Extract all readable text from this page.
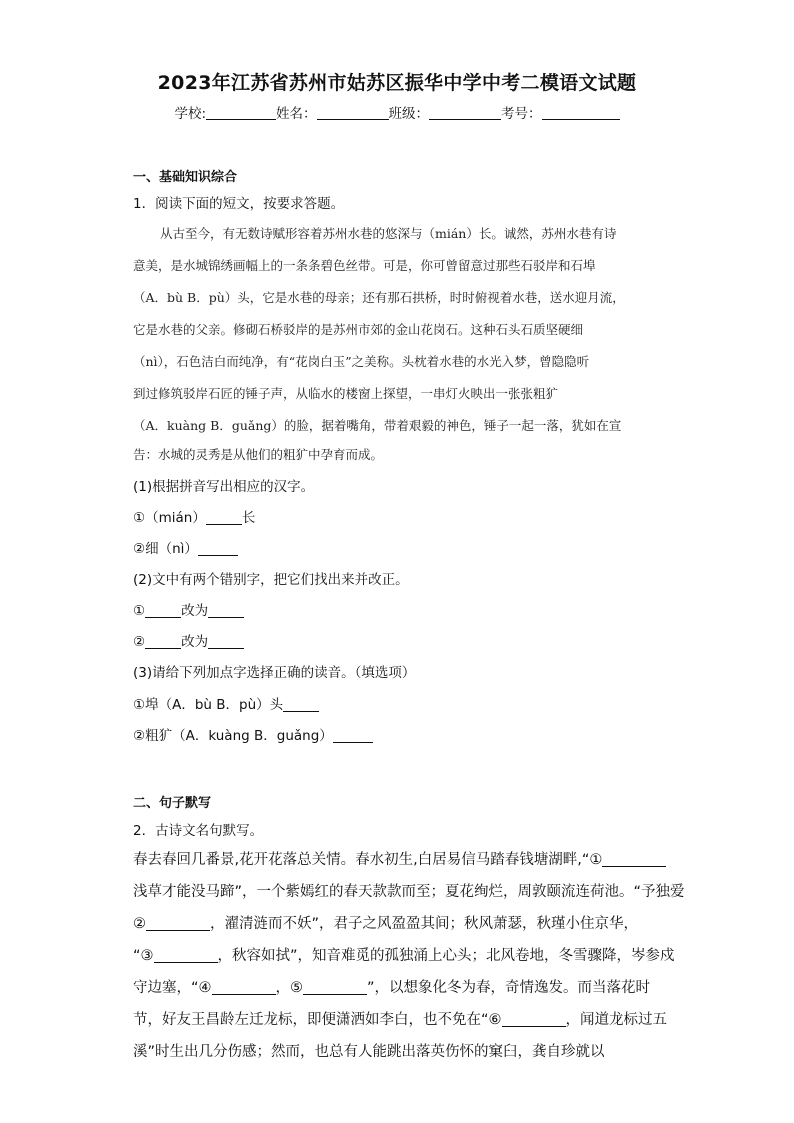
2023年江苏省苏州市姑苏区振华中学中考二模语文试题
学校:	姓名：	班级：	考号：
一、基础知识综合
1．阅读下面的短文，按要求答题。
从古至今，有无数诗赋形容着苏州水巷的悠深与（mián）长。诚然，苏州水巷有诗
意美，是水城锦绣画幅上的一条条碧色丝带。可是，你可曾留意过那些石驳岸和石埠
（A．bù B．pù）头，它是水巷的母亲；还有那石拱桥，时时俯视着水巷，送水迎月流，
它是水巷的父亲。修砌石桥驳岸的是苏州市郊的金山花岗石。这种石头石质坚硬细
（nì），石色洁白而纯净，有“花岗白玉”之美称。头枕着水巷的水光入梦，曾隐隐听
到过修筑驳岸石匠的锤子声，从临水的楼窗上探望，一串灯火映出一张张粗犷
（A．kuàng B．guǎng）的脸，据着嘴角，带着艰毅的神色，锤子一起一落，犹如在宣
告：水城的灵秀是从他们的粗犷中孕育而成。
(1)根据拼音写出相应的汉字。
①（mián）	长
②细（nì）
(2)文中有两个错别字，把它们找出来并改正。
①	改为
②	改为
(3)请给下列加点字选择正确的读音。（填选项）
①埠（A．bù B．pù）头
②粗犷（A．kuàng B．guǎng）
二、句子默写
2．古诗文名句默写。
春去春回几番景,花开花落总关情。春水初生,白居易信马踏春钱塘湖畔,“①
浅草才能没马蹄”，一个紫嫣红的春天款款而至；夏花绚烂，周敦颐流连荷池。“予独爱
②	，濯清涟而不妖”，君子之风盈盈其间；秋风萧瑟，秋瑾小住京华，
“③	，秋容如拭”，知音难觅的孤独涌上心头；北风卷地，冬雪骤降，岑参戍
守边塞，“④	，⑤	”，以想象化冬为春，奇情逸发。而当落花时
节，好友王昌龄左迁龙标，即便潇洒如李白，也不免在“⑥	，闻道龙标过五
溪”时生出几分伤感；然而，也总有人能跳出落英伤怀的窠臼，龚自珍就以
